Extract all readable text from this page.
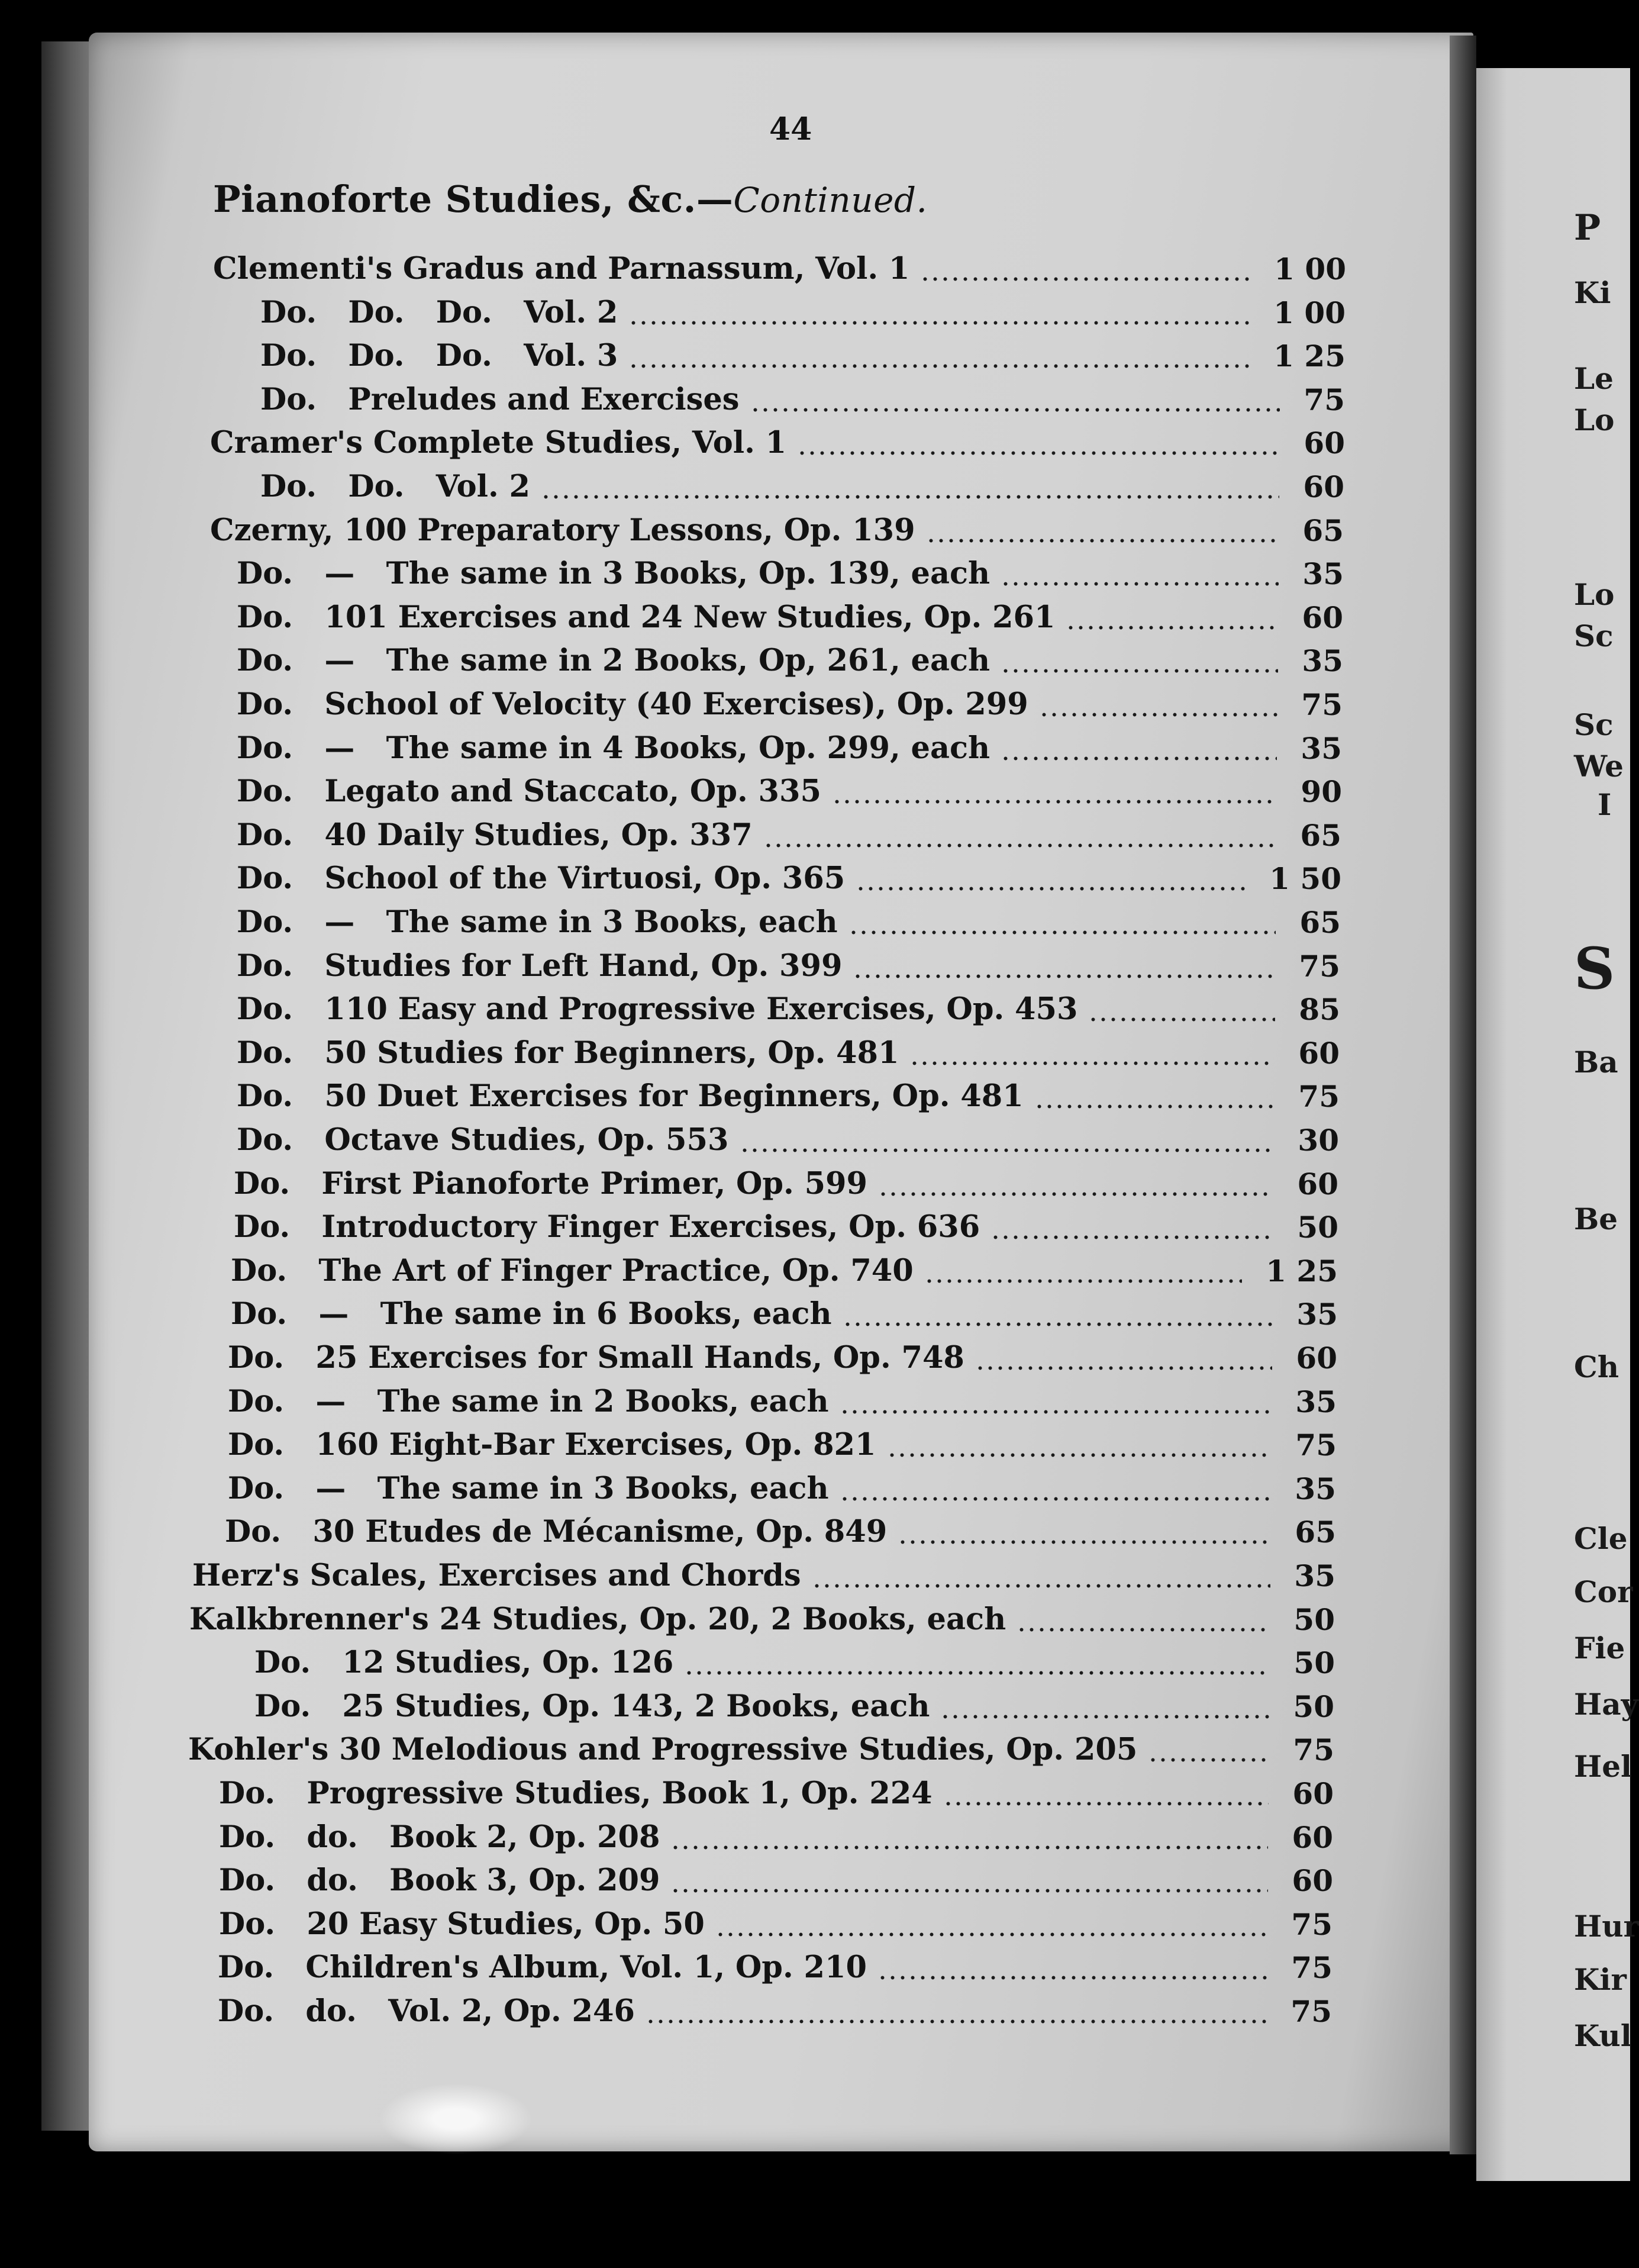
44
Pianoforte Studies, &c.—Continued.
Clementi's Gradus and Parnassum, Vol. 1	1 00
Do.   Do.   Do.   Vol. 2	1 00
Do.   Do.   Do.   Vol. 3	1 25
Do.   Preludes and Exercises	75
Cramer's Complete Studies, Vol. 1	60
Do.   Do.   Vol. 2	60
Czerny, 100 Preparatory Lessons, Op. 139	65
Do.   —   The same in 3 Books, Op. 139, each	35
Do.   101 Exercises and 24 New Studies, Op. 261	60
Do.   —   The same in 2 Books, Op, 261, each	35
Do.   School of Velocity (40 Exercises), Op. 299	75
Do.   —   The same in 4 Books, Op. 299, each	35
Do.   Legato and Staccato, Op. 335	90
Do.   40 Daily Studies, Op. 337	65
Do.   School of the Virtuosi, Op. 365	1 50
Do.   —   The same in 3 Books, each	65
Do.   Studies for Left Hand, Op. 399	75
Do.   110 Easy and Progressive Exercises, Op. 453	85
Do.   50 Studies for Beginners, Op. 481	60
Do.   50 Duet Exercises for Beginners, Op. 481	75
Do.   Octave Studies, Op. 553	30
Do.   First Pianoforte Primer, Op. 599	60
Do.   Introductory Finger Exercises, Op. 636	50
Do.   The Art of Finger Practice, Op. 740	1 25
Do.   —   The same in 6 Books, each	35
Do.   25 Exercises for Small Hands, Op. 748	60
Do.   —   The same in 2 Books, each	35
Do.   160 Eight-Bar Exercises, Op. 821	75
Do.   —   The same in 3 Books, each	35
Do.   30 Etudes de Mécanisme, Op. 849	65
Herz's Scales, Exercises and Chords	35
Kalkbrenner's 24 Studies, Op. 20, 2 Books, each	50
Do.   12 Studies, Op. 126	50
Do.   25 Studies, Op. 143, 2 Books, each	50
Kohler's 30 Melodious and Progressive Studies, Op. 205	75
Do.   Progressive Studies, Book 1, Op. 224	60
Do.   do.   Book 2, Op. 208	60
Do.   do.   Book 3, Op. 209	60
Do.   20 Easy Studies, Op. 50	75
Do.   Children's Album, Vol. 1, Op. 210	75
Do.   do.   Vol. 2, Op. 246	75
P
Ki
Le
Lo
Lo
Sc
Sc
We
I
S
Ba
Be
Ch
Cle
Cor
Fie
Hay
Hel
Hur
Kir
Kul
